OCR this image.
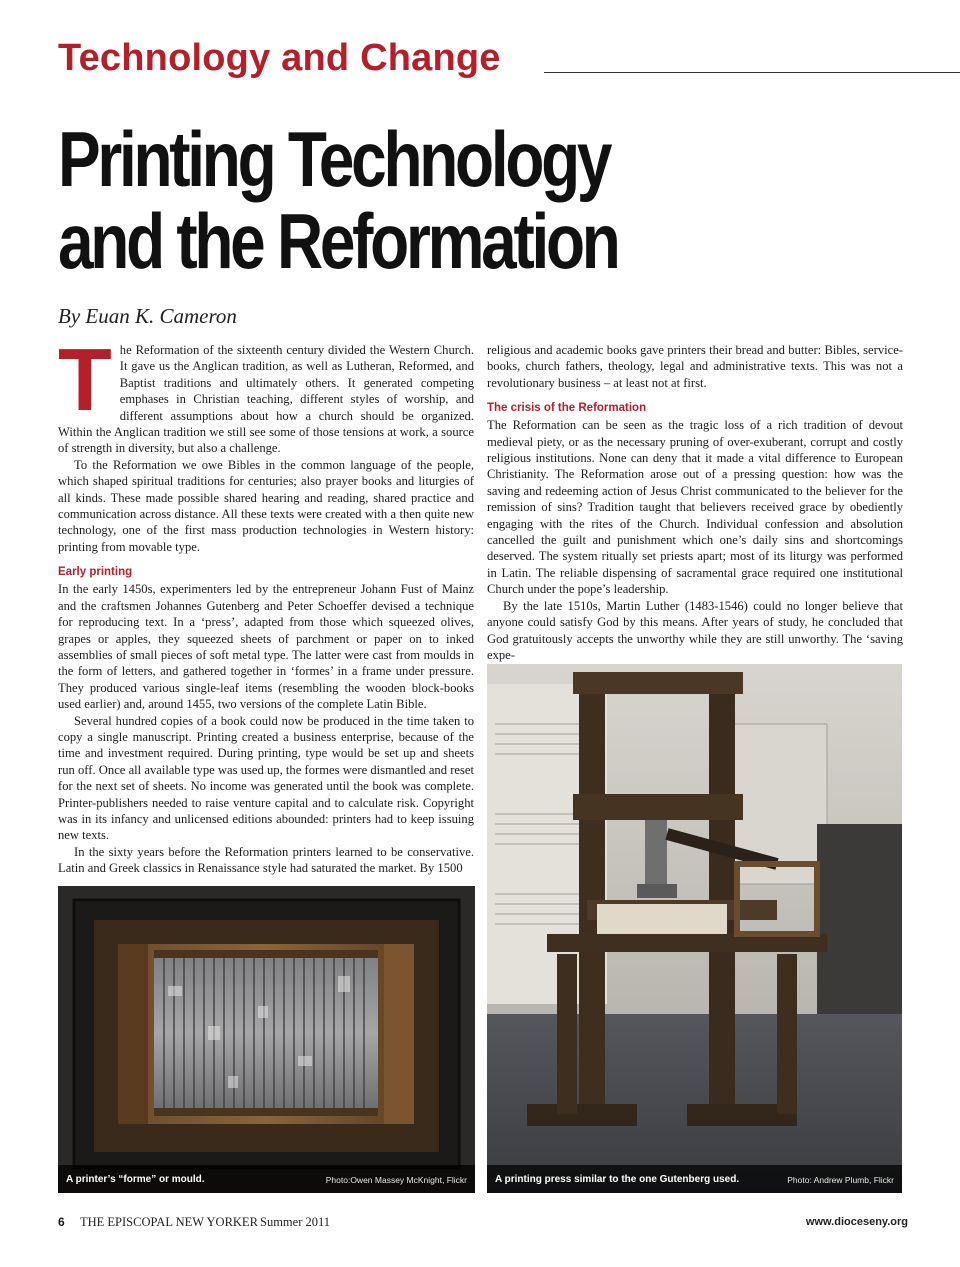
Technology and Change
Printing Technology
and the Reformation
By Euan K. Cameron
T he Reformation of the sixteenth century divided the Western Church. It gave us the Anglican tradition, as well as Lutheran, Reformed, and Baptist traditions and ultimately others. It generated competing emphases in Christian teaching, different styles of worship, and different assumptions about how a church should be organized. Within the Anglican tradition we still see some of those tensions at work, a source of strength in diversity, but also a challenge.

To the Reformation we owe Bibles in the common language of the people, which shaped spiritual traditions for centuries; also prayer books and liturgies of all kinds. These made possible shared hearing and reading, shared practice and communication across distance. All these texts were created with a then quite new technology, one of the first mass production technologies in Western history: printing from movable type.

Early printing

In the early 1450s, experimenters led by the entrepreneur Johann Fust of Mainz and the craftsmen Johannes Gutenberg and Peter Schoeffer devised a technique for reproducing text. In a ‘press’, adapted from those which squeezed olives, grapes or apples, they squeezed sheets of parchment or paper on to inked assemblies of small pieces of soft metal type. The latter were cast from moulds in the form of letters, and gathered together in ‘formes’ in a frame under pressure. They produced various single-leaf items (resembling the wooden block-books used earlier) and, around 1455, two versions of the complete Latin Bible.

Several hundred copies of a book could now be produced in the time taken to copy a single manuscript. Printing created a business enterprise, because of the time and investment required. During printing, type would be set up and sheets run off. Once all available type was used up, the formes were dismantled and reset for the next set of sheets. No income was generated until the book was complete. Printer-publishers needed to raise venture capital and to calculate risk. Copyright was in its infancy and unlicensed editions abounded: printers had to keep issuing new texts.

In the sixty years before the Reformation printers learned to be conservative. Latin and Greek classics in Renaissance style had saturated the market. By 1500

religious and academic books gave printers their bread and butter: Bibles, service-books, church fathers, theology, legal and administrative texts. This was not a revolutionary business – at least not at first.

The crisis of the Reformation

The Reformation can be seen as the tragic loss of a rich tradition of devout medieval piety, or as the necessary pruning of over-exuberant, corrupt and costly religious institutions. None can deny that it made a vital difference to European Christianity. The Reformation arose out of a pressing question: how was the saving and redeeming action of Jesus Christ communicated to the believer for the remission of sins? Tradition taught that believers received grace by obediently engaging with the rites of the Church. Individual confession and absolution cancelled the guilt and punishment which one’s daily sins and shortcomings deserved. The system ritually set priests apart; most of its liturgy was performed in Latin. The reliable dispensing of sacramental grace required one institutional Church under the pope’s leadership.

By the late 1510s, Martin Luther (1483-1546) could no longer believe that anyone could satisfy God by this means. After years of study, he concluded that God gratuitously accepts the unworthy while they are still unworthy. The ‘saving expe-

A printer’s “forme” or mould.	Photo:Owen Massey McKnight, Flickr	A printing press similar to the one Gutenberg used.	Photo: Andrew Plumb, Flickr
6 THE EPISCOPAL NEW YORKER Summer 2011	www.dioceseny.org
